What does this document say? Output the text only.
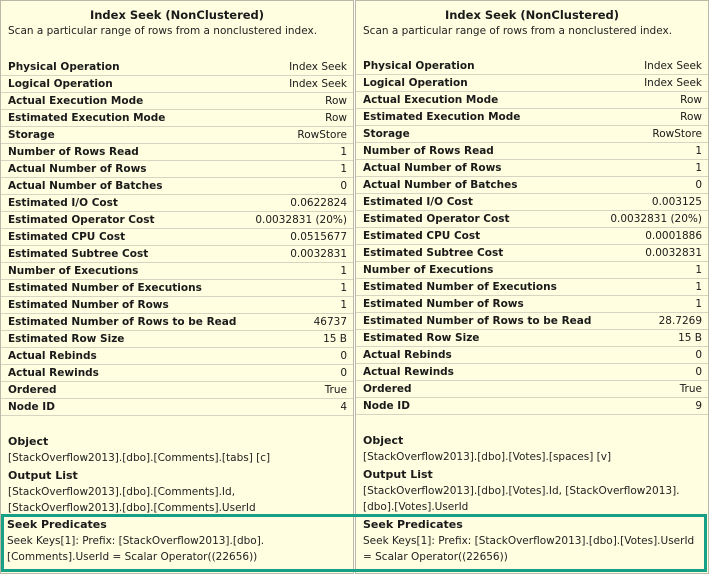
Index Seek (NonClustered)
Scan a particular range of rows from a nonclustered index.
Physical Operation	Index Seek
Logical Operation	Index Seek
Actual Execution Mode	Row
Estimated Execution Mode	Row
Storage	RowStore
Number of Rows Read	1
Actual Number of Rows	1
Actual Number of Batches	0
Estimated I/O Cost	0.0622824
Estimated Operator Cost	0.0032831 (20%)
Estimated CPU Cost	0.0515677
Estimated Subtree Cost	0.0032831
Number of Executions	1
Estimated Number of Executions	1
Estimated Number of Rows	1
Estimated Number of Rows to be Read	46737
Estimated Row Size	15 B
Actual Rebinds	0
Actual Rewinds	0
Ordered	True
Node ID	4
Object
[StackOverflow2013].[dbo].[Comments].[tabs] [c]
Output List
[StackOverflow2013].[dbo].[Comments].Id, [StackOverflow2013].[dbo].[Comments].UserId
Index Seek (NonClustered)
Scan a particular range of rows from a nonclustered index.
Physical Operation	Index Seek
Logical Operation	Index Seek
Actual Execution Mode	Row
Estimated Execution Mode	Row
Storage	RowStore
Number of Rows Read	1
Actual Number of Rows	1
Actual Number of Batches	0
Estimated I/O Cost	0.003125
Estimated Operator Cost	0.0032831 (20%)
Estimated CPU Cost	0.0001886
Estimated Subtree Cost	0.0032831
Number of Executions	1
Estimated Number of Executions	1
Estimated Number of Rows	1
Estimated Number of Rows to be Read	28.7269
Estimated Row Size	15 B
Actual Rebinds	0
Actual Rewinds	0
Ordered	True
Node ID	9
Object
[StackOverflow2013].[dbo].[Votes].[spaces] [v]
Output List
[StackOverflow2013].[dbo].[Votes].Id, [StackOverflow2013].[dbo].[Votes].UserId
Seek Predicates
Seek Keys[1]: Prefix: [StackOverflow2013].[dbo].[Comments].UserId = Scalar Operator((22656))
Seek Predicates
Seek Keys[1]: Prefix: [StackOverflow2013].[dbo].[Votes].UserId = Scalar Operator((22656))
